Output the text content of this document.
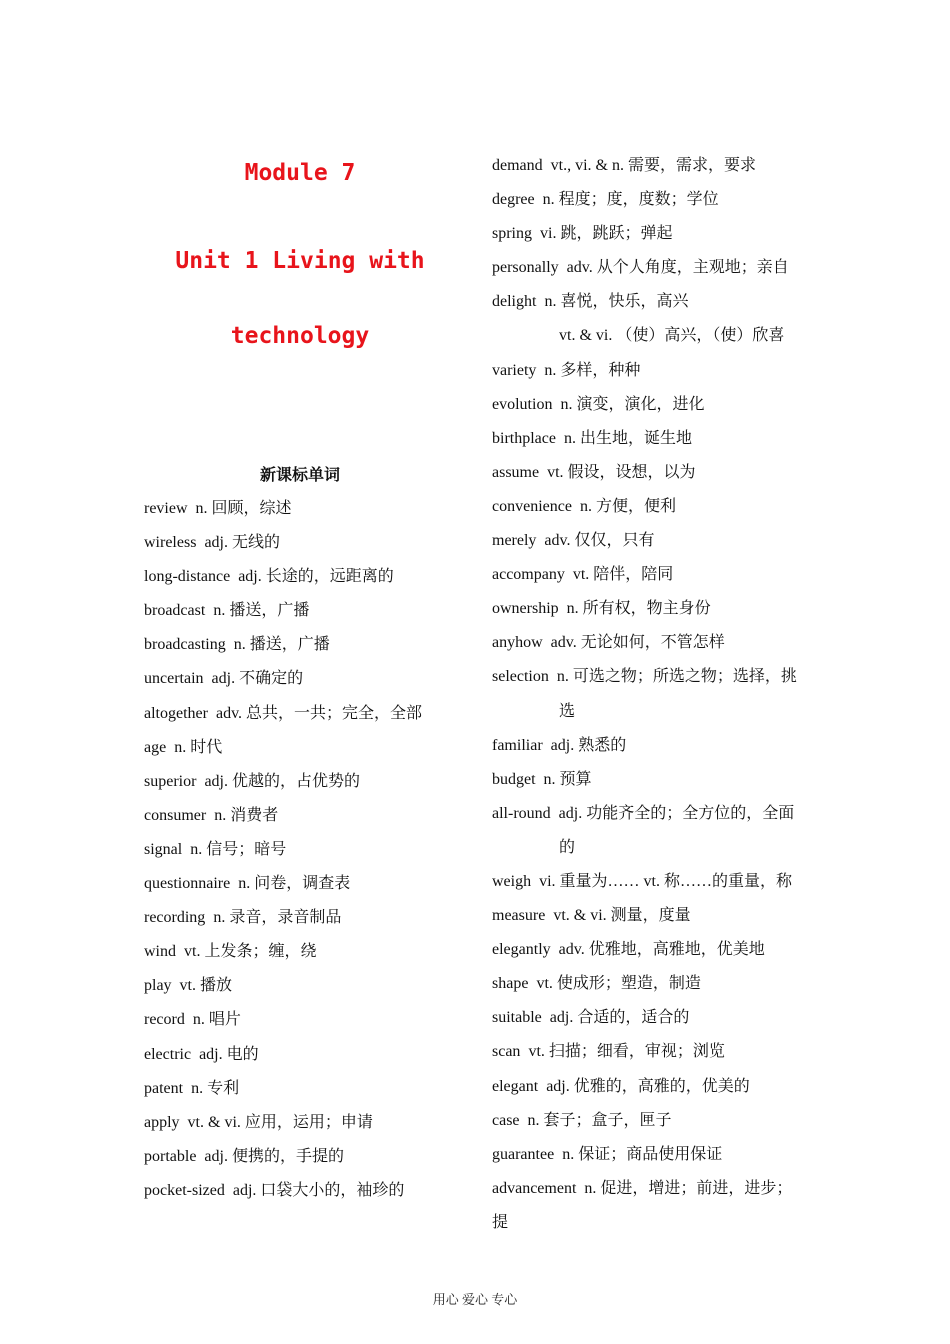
Module 7
Unit 1 Living with
technology
新课标单词
review n. 回顾，综述
wireless adj. 无线的
long-distance adj. 长途的，远距离的
broadcast n. 播送，广播
broadcasting n. 播送，广播
uncertain adj. 不确定的
altogether adv. 总共，一共；完全，全部
age n. 时代
superior adj. 优越的，占优势的
consumer n. 消费者
signal n. 信号；暗号
questionnaire n. 问卷，调查表
recording n. 录音，录音制品
wind vt. 上发条；缠，绕
play vt. 播放
record n. 唱片
electric adj. 电的
patent n. 专利
apply vt. & vi. 应用，运用；申请
portable adj. 便携的，手提的
pocket-sized adj. 口袋大小的，袖珍的
demand vt., vi. & n. 需要，需求，要求
degree n. 程度；度，度数；学位
spring vi. 跳，跳跃；弹起
personally adv. 从个人角度，主观地；亲自
delight n. 喜悦，快乐，高兴
vt. & vi. （使）高兴，（使）欣喜
variety n. 多样，种种
evolution n. 演变，演化，进化
birthplace n. 出生地，诞生地
assume vt. 假设，设想，以为
convenience n. 方便，便利
merely adv. 仅仅，只有
accompany vt. 陪伴，陪同
ownership n. 所有权，物主身份
anyhow adv. 无论如何，不管怎样
selection n. 可选之物；所选之物；选择，挑
选
familiar adj. 熟悉的
budget n. 预算
all-round adj. 功能齐全的；全方位的，全面
的
weigh vi. 重量为…… vt. 称……的重量，称
measure vt. & vi. 测量，度量
elegantly adv. 优雅地，高雅地，优美地
shape vt. 使成形；塑造，制造
suitable adj. 合适的，适合的
scan vt. 扫描；细看，审视；浏览
elegant adj. 优雅的，高雅的，优美的
case n. 套子；盒子，匣子
guarantee n. 保证；商品使用保证
advancement n. 促进，增进；前进，进步；提
用心 爱心 专心
